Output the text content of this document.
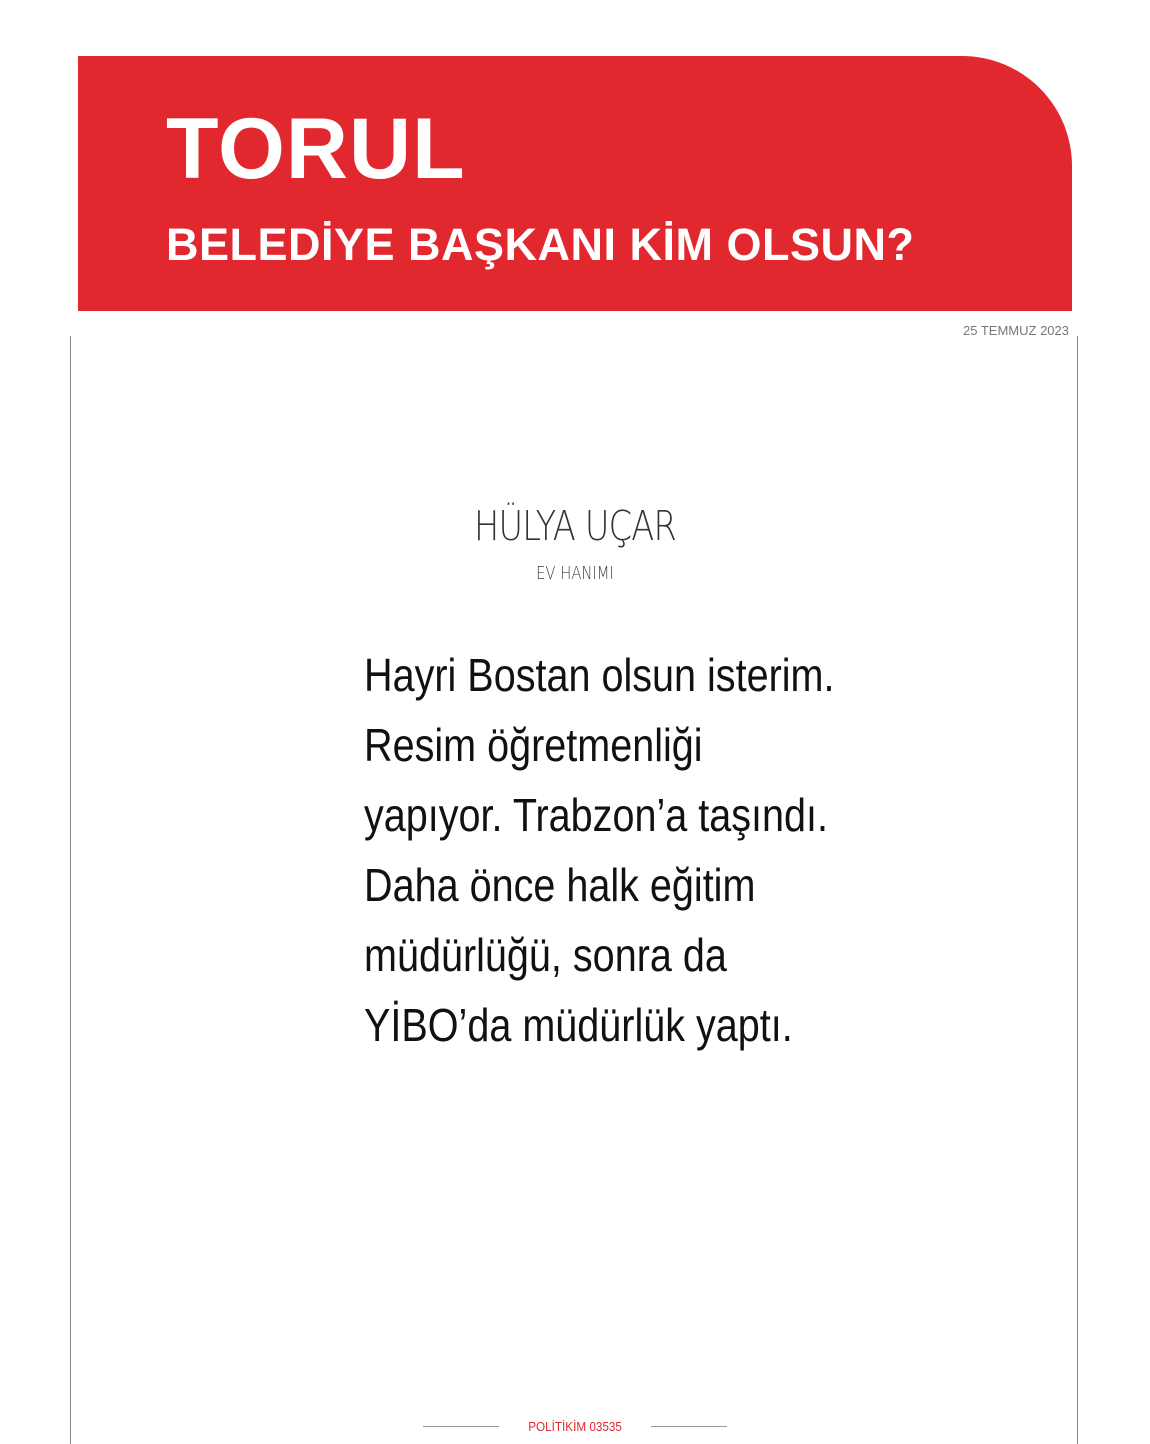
TORUL
BELEDİYE BAŞKANI KİM OLSUN?
25 TEMMUZ 2023
HÜLYA UÇAR
EV HANIMI
Hayri Bostan olsun isterim.
Resim öğretmenliği
yapıyor. Trabzon’a taşındı.
Daha önce halk eğitim
müdürlüğü, sonra da
YİBO’da müdürlük yaptı.
POLİTİKİM 03535
